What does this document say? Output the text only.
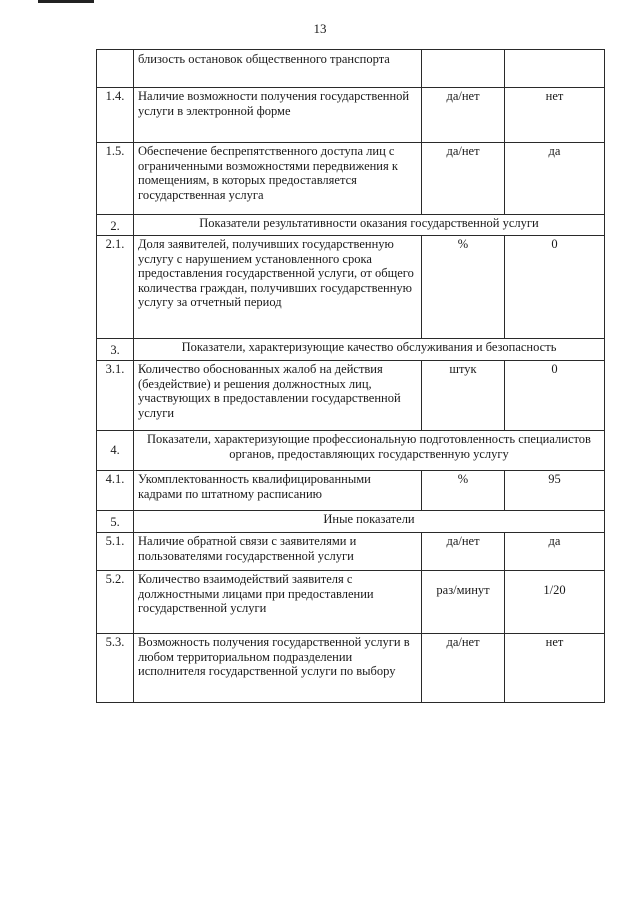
13
	близость остановок общественного транспорта		
1.4.	Наличие возможности получения государственной услуги в электронной форме	да/нет	нет
1.5.	Обеспечение беспрепятственного доступа лиц с ограниченными возможностями передвижения к помещениям, в которых предоставляется государственная услуга	да/нет	да
2.	Показатели результативности оказания государственной услуги		
2.1.	Доля заявителей, получивших государственную услугу с нарушением установленного срока предоставления государственной услуги, от общего количества граждан, получивших государственную услугу за отчетный период	%	0
3.	Показатели, характеризующие качество обслуживания и безопасность		
3.1.	Количество обоснованных жалоб на действия (бездействие) и решения должностных лиц, участвующих в предоставлении государственной услуги	штук	0
4.	Показатели, характеризующие профессиональную подготовленность специалистов органов, предоставляющих государственную услугу		
4.1.	Укомплектованность квалифицированными кадрами по штатному расписанию	%	95
5.	Иные показатели		
5.1.	Наличие обратной связи с заявителями и пользователями государственной услуги	да/нет	да
5.2.	Количество взаимодействий заявителя с должностными лицами при предоставлении государственной услуги	раз/минут	1/20
5.3.	Возможность получения государственной услуги в любом территориальном подразделении исполнителя государственной услуги по выбору	да/нет	нет
